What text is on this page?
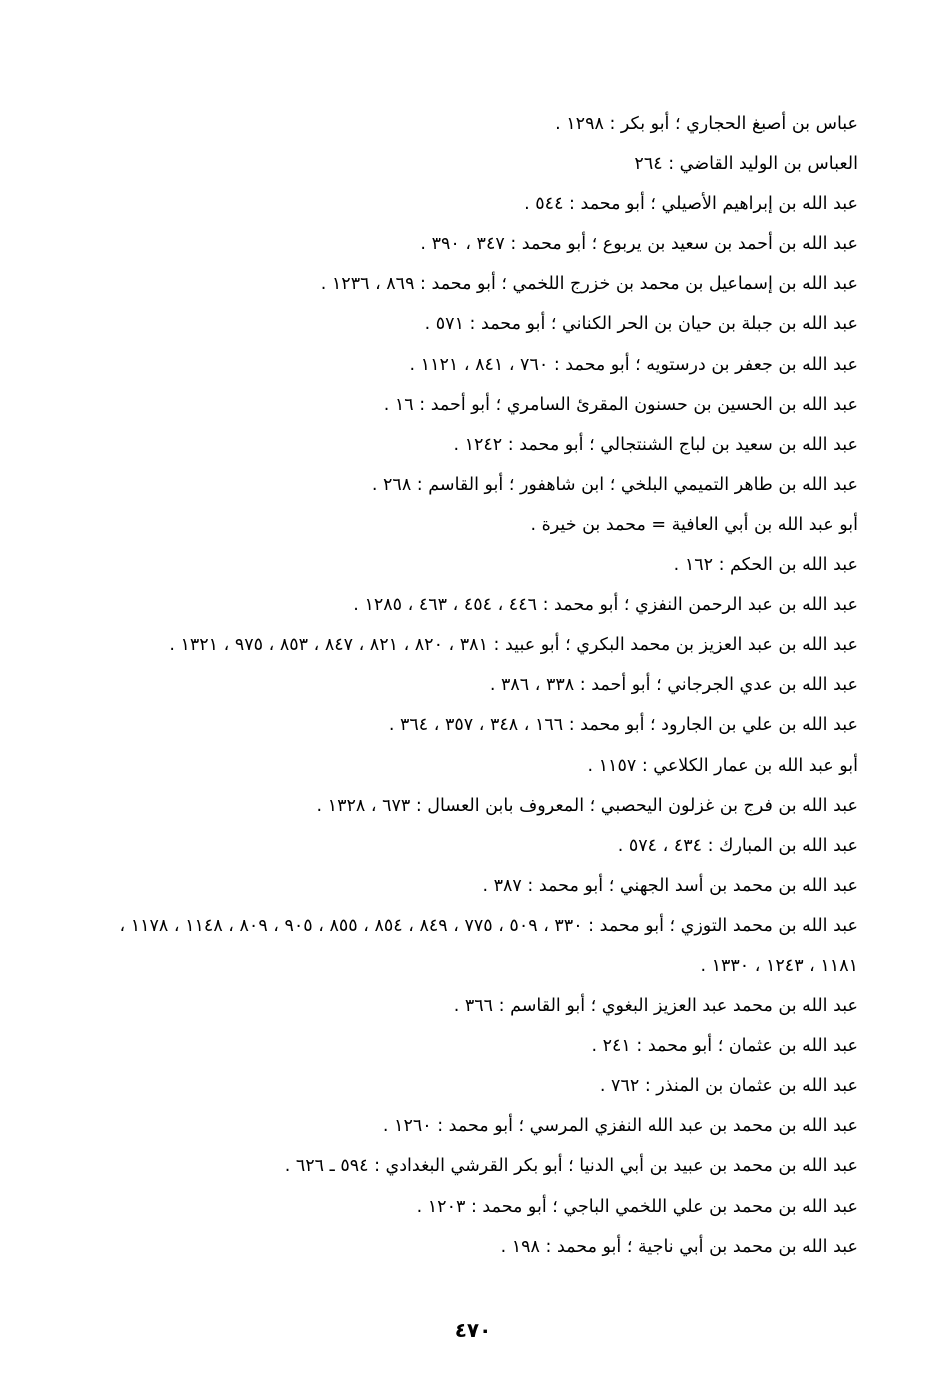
عباس بن أصبغ الحجاري ؛ أبو بكر : ١٢٩٨ .
العباس بن الوليد القاضي : ٢٦٤
عبد الله بن إبراهيم الأصيلي ؛ أبو محمد : ٥٤٤ .
عبد الله بن أحمد بن سعيد بن يربوع ؛ أبو محمد : ٣٤٧ ، ٣٩٠ .
عبد الله بن إسماعيل بن محمد بن خزرج اللخمي ؛ أبو محمد : ٨٦٩ ، ١٢٣٦ .
عبد الله بن جبلة بن حيان بن الحر الكناني ؛ أبو محمد : ٥٧١ .
عبد الله بن جعفر بن درستويه ؛ أبو محمد : ٧٦٠ ، ٨٤١ ، ١١٢١ .
عبد الله بن الحسين بن حسنون المقرئ السامري ؛ أبو أحمد : ١٦ .
عبد الله بن سعيد بن لباج الشنتجالي ؛ أبو محمد : ١٢٤٢ .
عبد الله بن طاهر التميمي البلخي ؛ ابن شاهفور ؛ أبو القاسم : ٢٦٨ .
أبو عبد الله بن أبي العافية = محمد بن خيرة .
عبد الله بن الحكم : ١٦٢ .
عبد الله بن عبد الرحمن النفزي ؛ أبو محمد : ٤٤٦ ، ٤٥٤ ، ٤٦٣ ، ١٢٨٥ .
عبد الله بن عبد العزيز بن محمد البكري ؛ أبو عبيد : ٣٨١ ، ٨٢٠ ، ٨٢١ ، ٨٤٧ ، ٨٥٣ ، ٩٧٥ ، ١٣٢١ .
عبد الله بن عدي الجرجاني ؛ أبو أحمد : ٣٣٨ ، ٣٨٦ .
عبد الله بن علي بن الجارود ؛ أبو محمد : ١٦٦ ، ٣٤٨ ، ٣٥٧ ، ٣٦٤ .
أبو عبد الله بن عمار الكلاعي : ١١٥٧ .
عبد الله بن فرج بن غزلون اليحصبي ؛ المعروف بابن العسال : ٦٧٣ ، ١٣٢٨ .
عبد الله بن المبارك : ٤٣٤ ، ٥٧٤ .
عبد الله بن محمد بن أسد الجهني ؛ أبو محمد : ٣٨٧ .
عبد الله بن محمد التوزي ؛ أبو محمد : ٣٣٠ ، ٥٠٩ ، ٧٧٥ ، ٨٤٩ ، ٨٥٤ ، ٨٥٥ ، ٩٠٥ ، ٨٠٩ ، ١١٤٨ ، ١١٧٨ ، ١١٨١ ، ١٢٤٣ ، ١٣٣٠ .
عبد الله بن محمد عبد العزيز البغوي ؛ أبو القاسم : ٣٦٦ .
عبد الله بن عثمان ؛ أبو محمد : ٢٤١ .
عبد الله بن عثمان بن المنذر : ٧٦٢ .
عبد الله بن محمد بن عبد الله النفزي المرسي ؛ أبو محمد : ١٢٦٠ .
عبد الله بن محمد بن عبيد بن أبي الدنيا ؛ أبو بكر القرشي البغدادي : ٥٩٤ ـ ٦٢٦ .
عبد الله بن محمد بن علي اللخمي الباجي ؛ أبو محمد : ١٢٠٣ .
عبد الله بن محمد بن أبي ناجية ؛ أبو محمد : ١٩٨ .
٤٧٠
